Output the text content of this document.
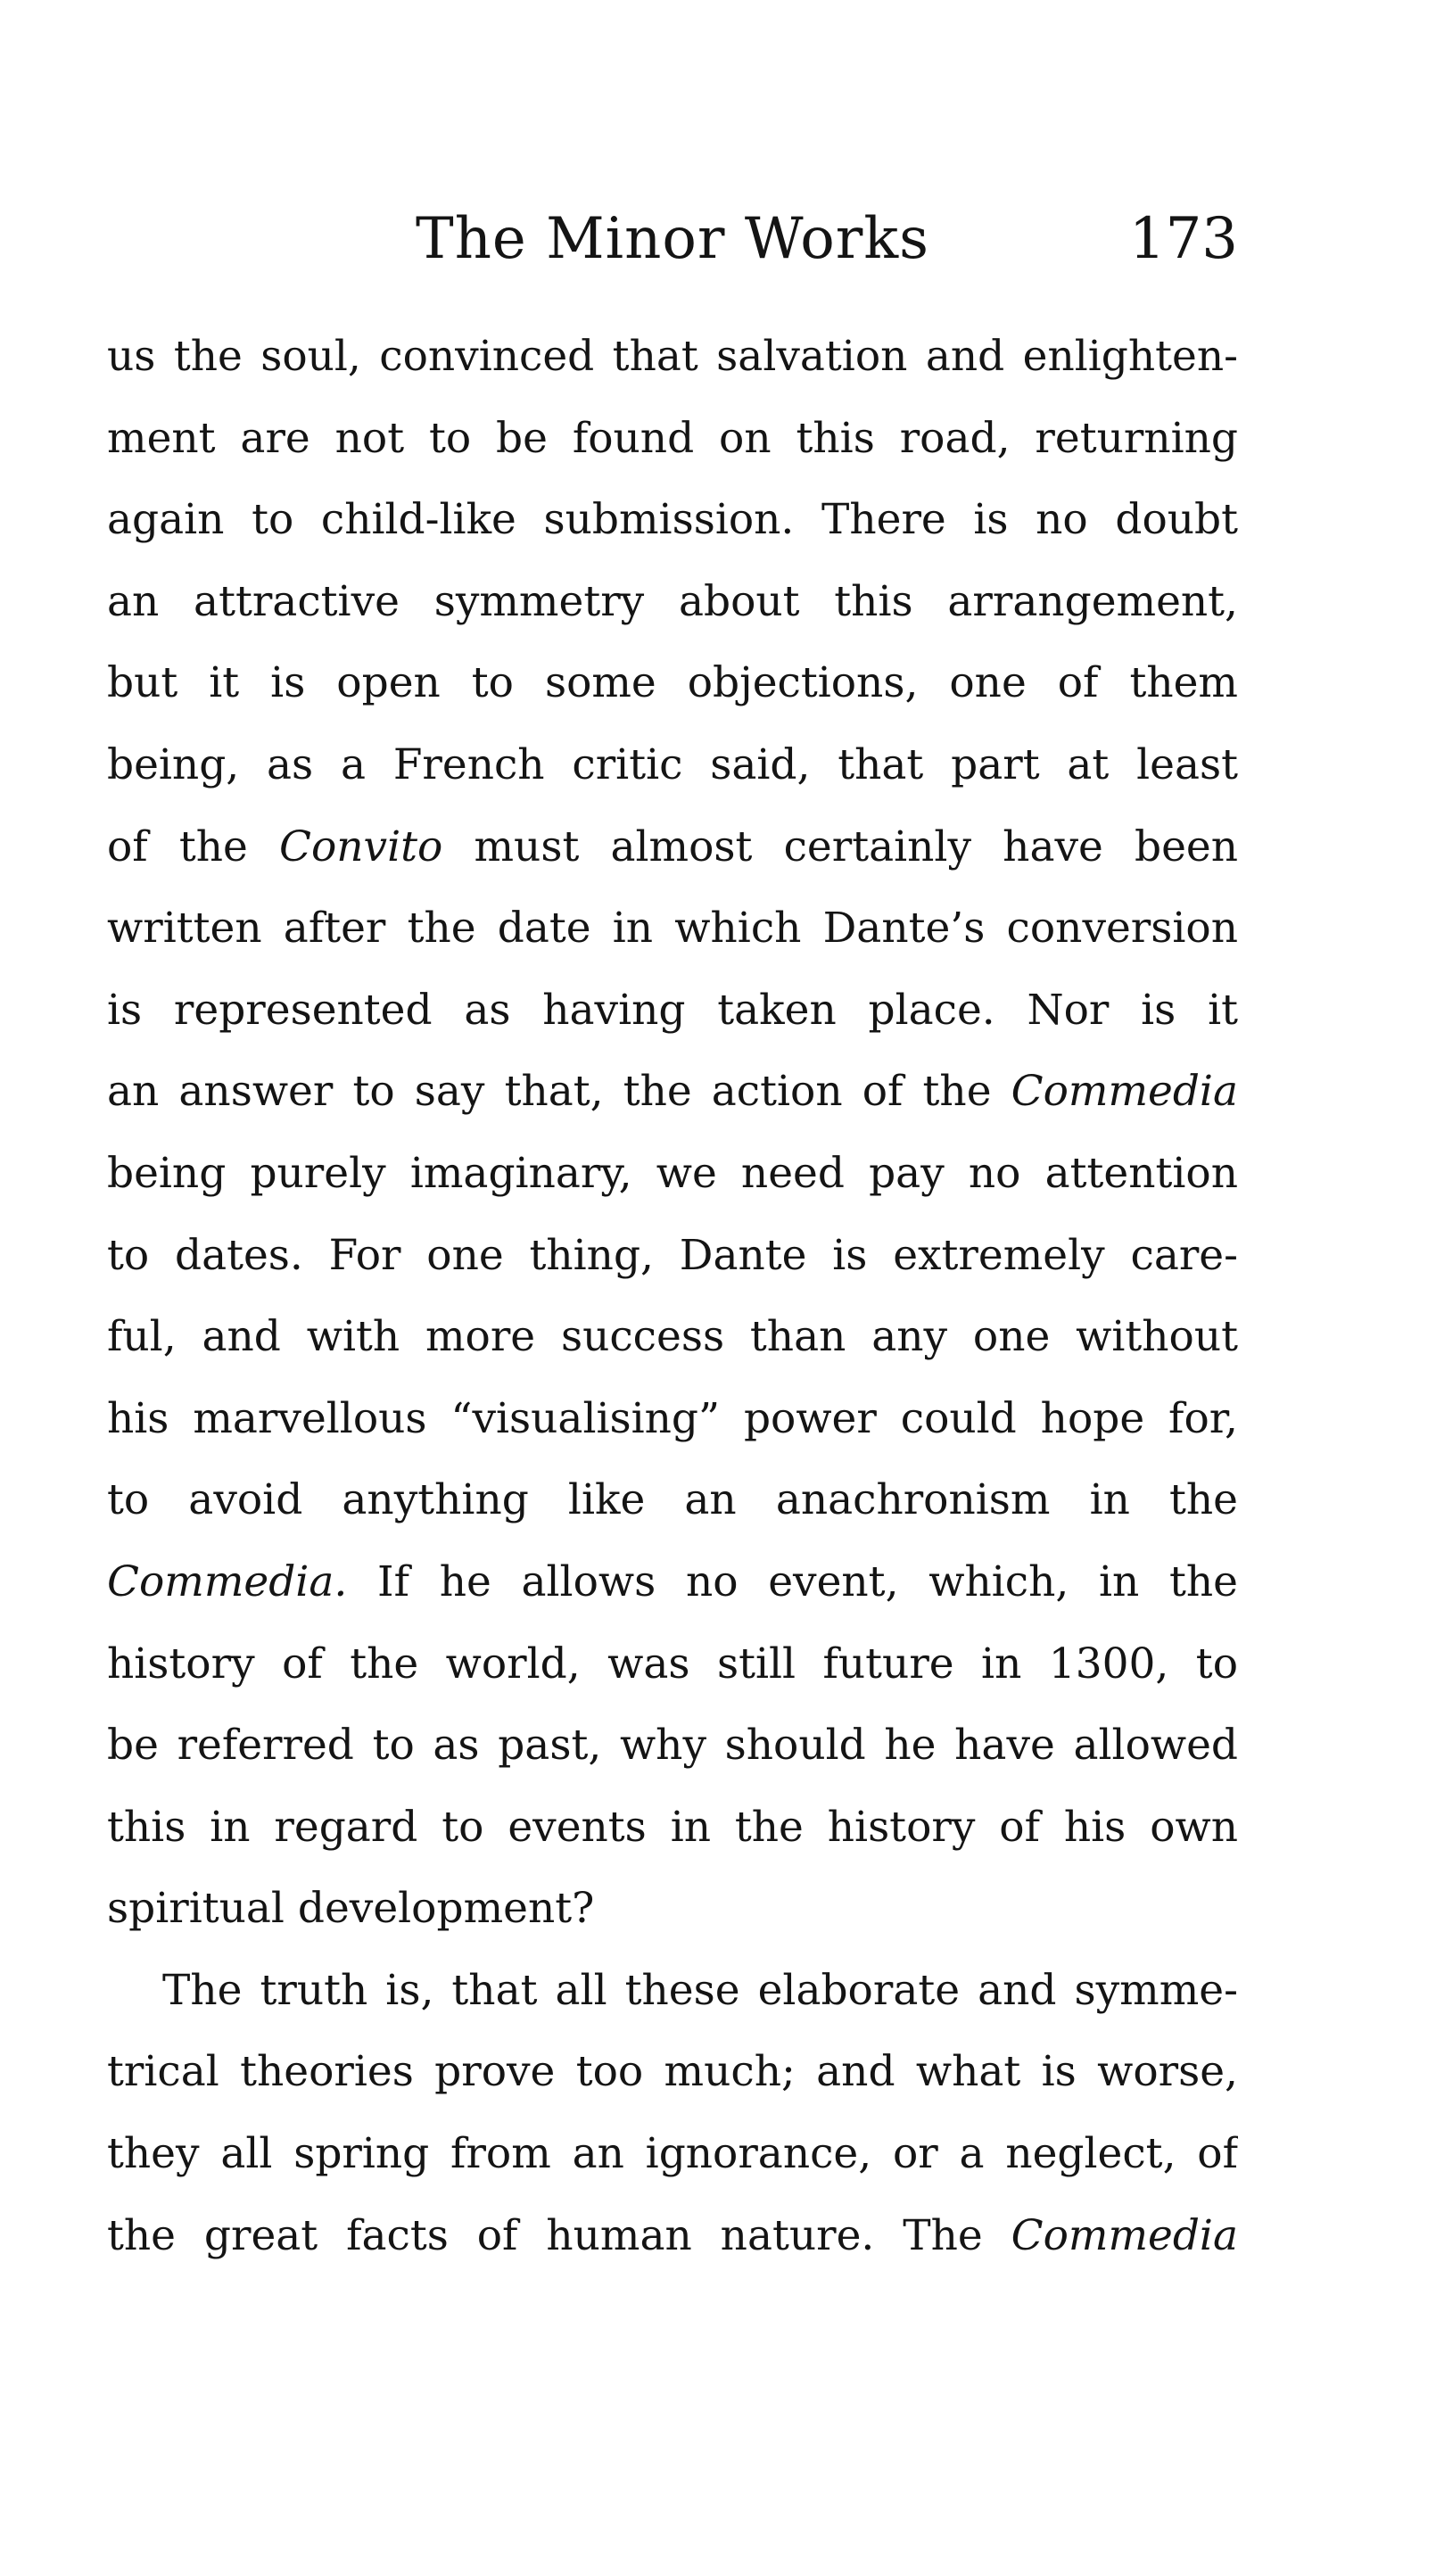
The Minor Works	173
us the soul, convinced that salvation and enlighten-
ment are not to be found on this road, returning
again to child-like submission. There is no doubt
an attractive symmetry about this arrangement,
but it is open to some objections, one of them
being, as a French critic said, that part at least
of the Convito must almost certainly have been
written after the date in which Dante’s conversion
is represented as having taken place. Nor is it
an answer to say that, the action of the Commedia
being purely imaginary, we need pay no attention
to dates. For one thing, Dante is extremely care-
ful, and with more success than any one without
his marvellous “visualising” power could hope for,
to avoid anything like an anachronism in the
Commedia. If he allows no event, which, in the
history of the world, was still future in 1300, to
be referred to as past, why should he have allowed
this in regard to events in the history of his own
spiritual development?
The truth is, that all these elaborate and symme-
trical theories prove too much; and what is worse,
they all spring from an ignorance, or a neglect, of
the great facts of human nature. The Commedia
